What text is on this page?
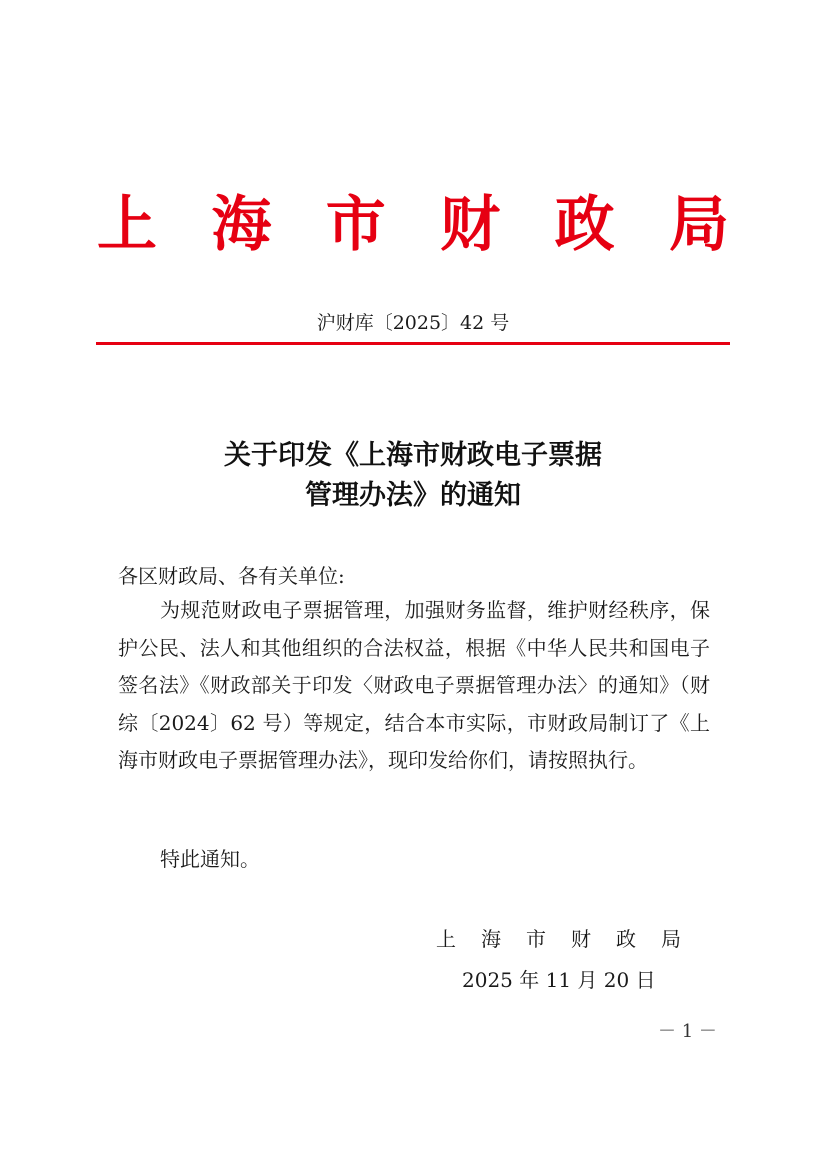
上 海 市 财 政 局
沪财库〔2025〕42 号
关于印发《上海市财政电子票据
管理办法》的通知
各区财政局、各有关单位:

为规范财政电子票据管理，加强财务监督，维护财经秩序，保护公民、法人和其他组织的合法权益，根据《中华人民共和国电子签名法》《财政部关于印发〈财政电子票据管理办法〉的通知》（财综〔2024〕62 号）等规定，结合本市实际，市财政局制订了《上海市财政电子票据管理办法》，现印发给你们，请按照执行。

特此通知。
上 海 市 财 政 局
2025 年 11 月 20 日
－ 1 －
